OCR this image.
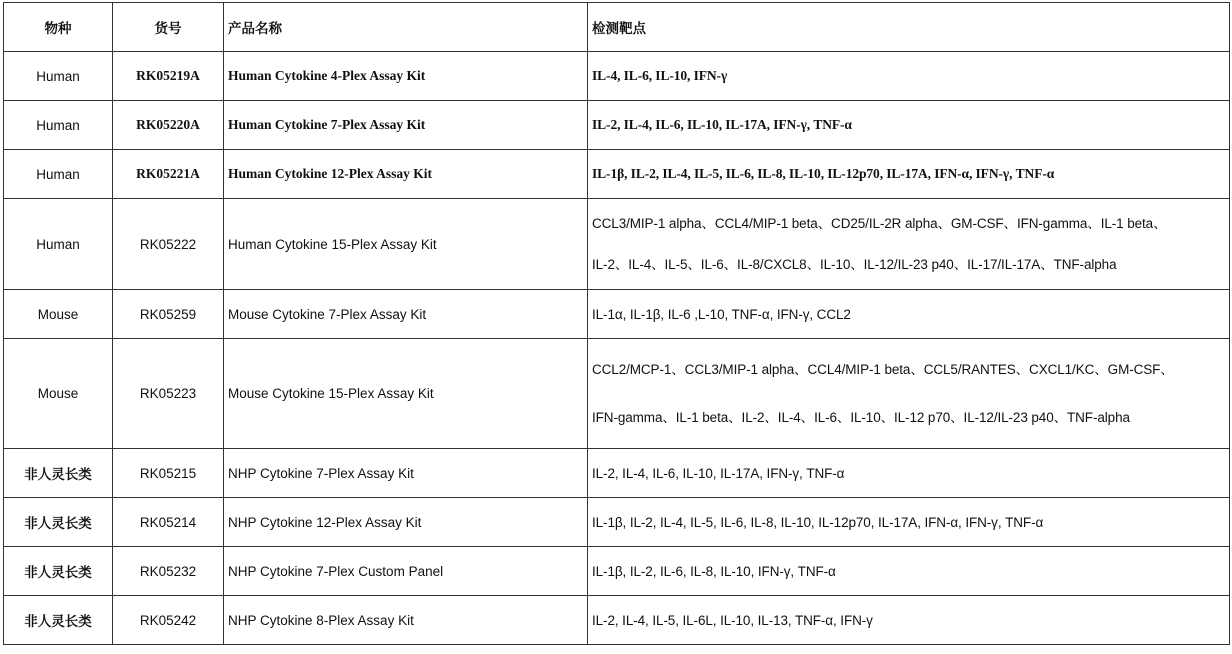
物种	货号	产品名称	检测靶点
Human	RK05219A	Human Cytokine 4-Plex Assay Kit	IL-4, IL-6, IL-10, IFN-γ
Human	RK05220A	Human Cytokine 7-Plex Assay Kit	IL-2, IL-4, IL-6, IL-10, IL-17A, IFN-γ, TNF-α
Human	RK05221A	Human Cytokine 12-Plex Assay Kit	IL-1β, IL-2, IL-4, IL-5, IL-6, IL-8, IL-10, IL-12p70, IL-17A, IFN-α, IFN-γ, TNF-α
Human	RK05222	Human Cytokine 15-Plex Assay Kit	CCL3/MIP-1 alpha、CCL4/MIP-1 beta、CD25/IL-2R alpha、GM-CSF、IFN-gamma、IL-1 beta、
IL-2、IL-4、IL-5、IL-6、IL-8/CXCL8、IL-10、IL-12/IL-23 p40、IL-17/IL-17A、TNF-alpha

Mouse	RK05259	Mouse Cytokine 7-Plex Assay Kit	IL-1α, IL-1β, IL-6 ,L-10, TNF-α, IFN-γ, CCL2
Mouse	RK05223	Mouse Cytokine 15-Plex Assay Kit	CCL2/MCP-1、CCL3/MIP-1 alpha、CCL4/MIP-1 beta、CCL5/RANTES、CXCL1/KC、GM-CSF、
IFN-gamma、IL-1 beta、IL-2、IL-4、IL-6、IL-10、IL-12 p70、IL-12/IL-23 p40、TNF-alpha

非人灵长类	RK05215	NHP Cytokine 7-Plex Assay Kit	IL-2, IL-4, IL-6, IL-10, IL-17A, IFN-γ, TNF-α
非人灵长类	RK05214	NHP Cytokine 12-Plex Assay Kit	IL-1β, IL-2, IL-4, IL-5, IL-6, IL-8, IL-10, IL-12p70, IL-17A, IFN-α, IFN-γ, TNF-α
非人灵长类	RK05232	NHP Cytokine 7-Plex Custom Panel	IL-1β, IL-2, IL-6, IL-8, IL-10, IFN-γ, TNF-α
非人灵长类	RK05242	NHP Cytokine 8-Plex Assay Kit	IL-2, IL-4, IL-5, IL-6L, IL-10, IL-13, TNF-α, IFN-γ
